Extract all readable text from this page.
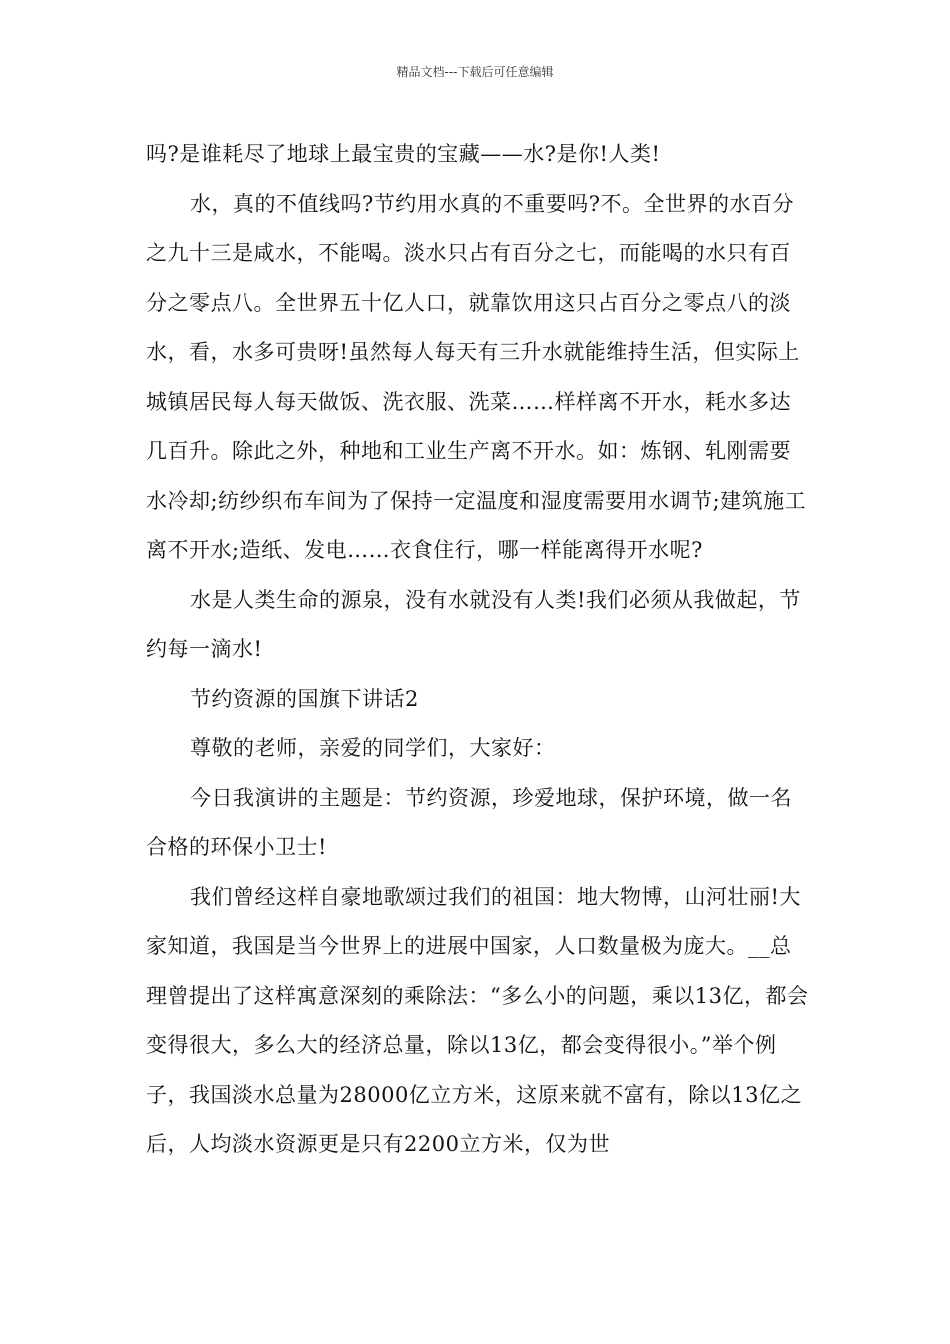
精品文档---下载后可任意编辑

吗?是谁耗尽了地球上最宝贵的宝藏——水?是你!人类!

水，真的不值线吗?节约用水真的不重要吗?不。全世界的水百分之九十三是咸水，不能喝。淡水只占有百分之七，而能喝的水只有百分之零点八。全世界五十亿人口，就靠饮用这只占百分之零点八的淡水，看，水多可贵呀!虽然每人每天有三升水就能维持生活，但实际上城镇居民每人每天做饭、洗衣服、洗菜……样样离不开水，耗水多达几百升。除此之外，种地和工业生产离不开水。如：炼钢、轧刚需要水冷却;纺纱织布车间为了保持一定温度和湿度需要用水调节;建筑施工离不开水;造纸、发电……衣食住行，哪一样能离得开水呢?

水是人类生命的源泉，没有水就没有人类!我们必须从我做起，节约每一滴水!

节约资源的国旗下讲话2

尊敬的老师，亲爱的同学们，大家好：

今日我演讲的主题是：节约资源，珍爱地球，保护环境，做一名合格的环保小卫士!

我们曾经这样自豪地歌颂过我们的祖国：地大物博，山河壮丽!大家知道，我国是当今世界上的进展中国家，人口数量极为庞大。__总理曾提出了这样寓意深刻的乘除法：“多么小的问题，乘以13亿，都会变得很大，多么大的经济总量，除以13亿，都会变得很小。”举个例子，我国淡水总量为28000亿立方米，这原来就不富有，除以13亿之后，人均淡水资源更是只有2200立方米，仅为世
